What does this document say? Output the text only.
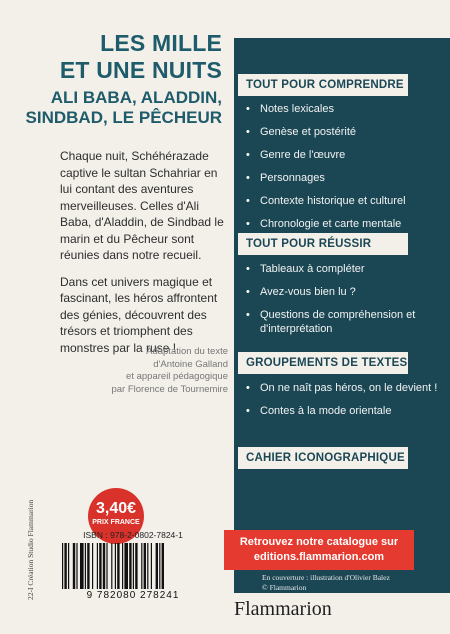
LES MILLE
ET UNE NUITS
ALI BABA, ALADDIN,
SINDBAD, LE PÊCHEUR

Chaque nuit, Schéhérazade captive le sultan Schahriar en lui contant des aventures merveilleuses. Celles d'Ali Baba, d'Aladdin, de Sindbad le marin et du Pêcheur sont réunies dans notre recueil.

Dans cet univers magique et fascinant, les héros affrontent des génies, découvrent des trésors et triomphent des monstres par la ruse !

Adaptation du texte
d'Antoine Galland
et appareil pédagogique
par Florence de Tournemire
3,40€
PRIX FRANCE
22-I Création Studio Flammarion
TOUT POUR COMPRENDRE
• Notes lexicales
• Genèse et postérité
• Genre de l'œuvre
• Personnages
• Contexte historique et culturel
• Chronologie et carte mentale
TOUT POUR RÉUSSIR
• Tableaux à compléter
• Avez-vous bien lu ?
• Questions de compréhension et d'interprétation
GROUPEMENTS DE TEXTES
• On ne naît pas héros, on le devient !
• Contes à la mode orientale
CAHIER ICONOGRAPHIQUE
Retrouvez notre catalogue sur
editions.flammarion.com
En couverture : illustration d'Olivier Balez
© Flammarion
ISBN : 978-2-0802-7824-1
9 782080 278241
Flammarion
